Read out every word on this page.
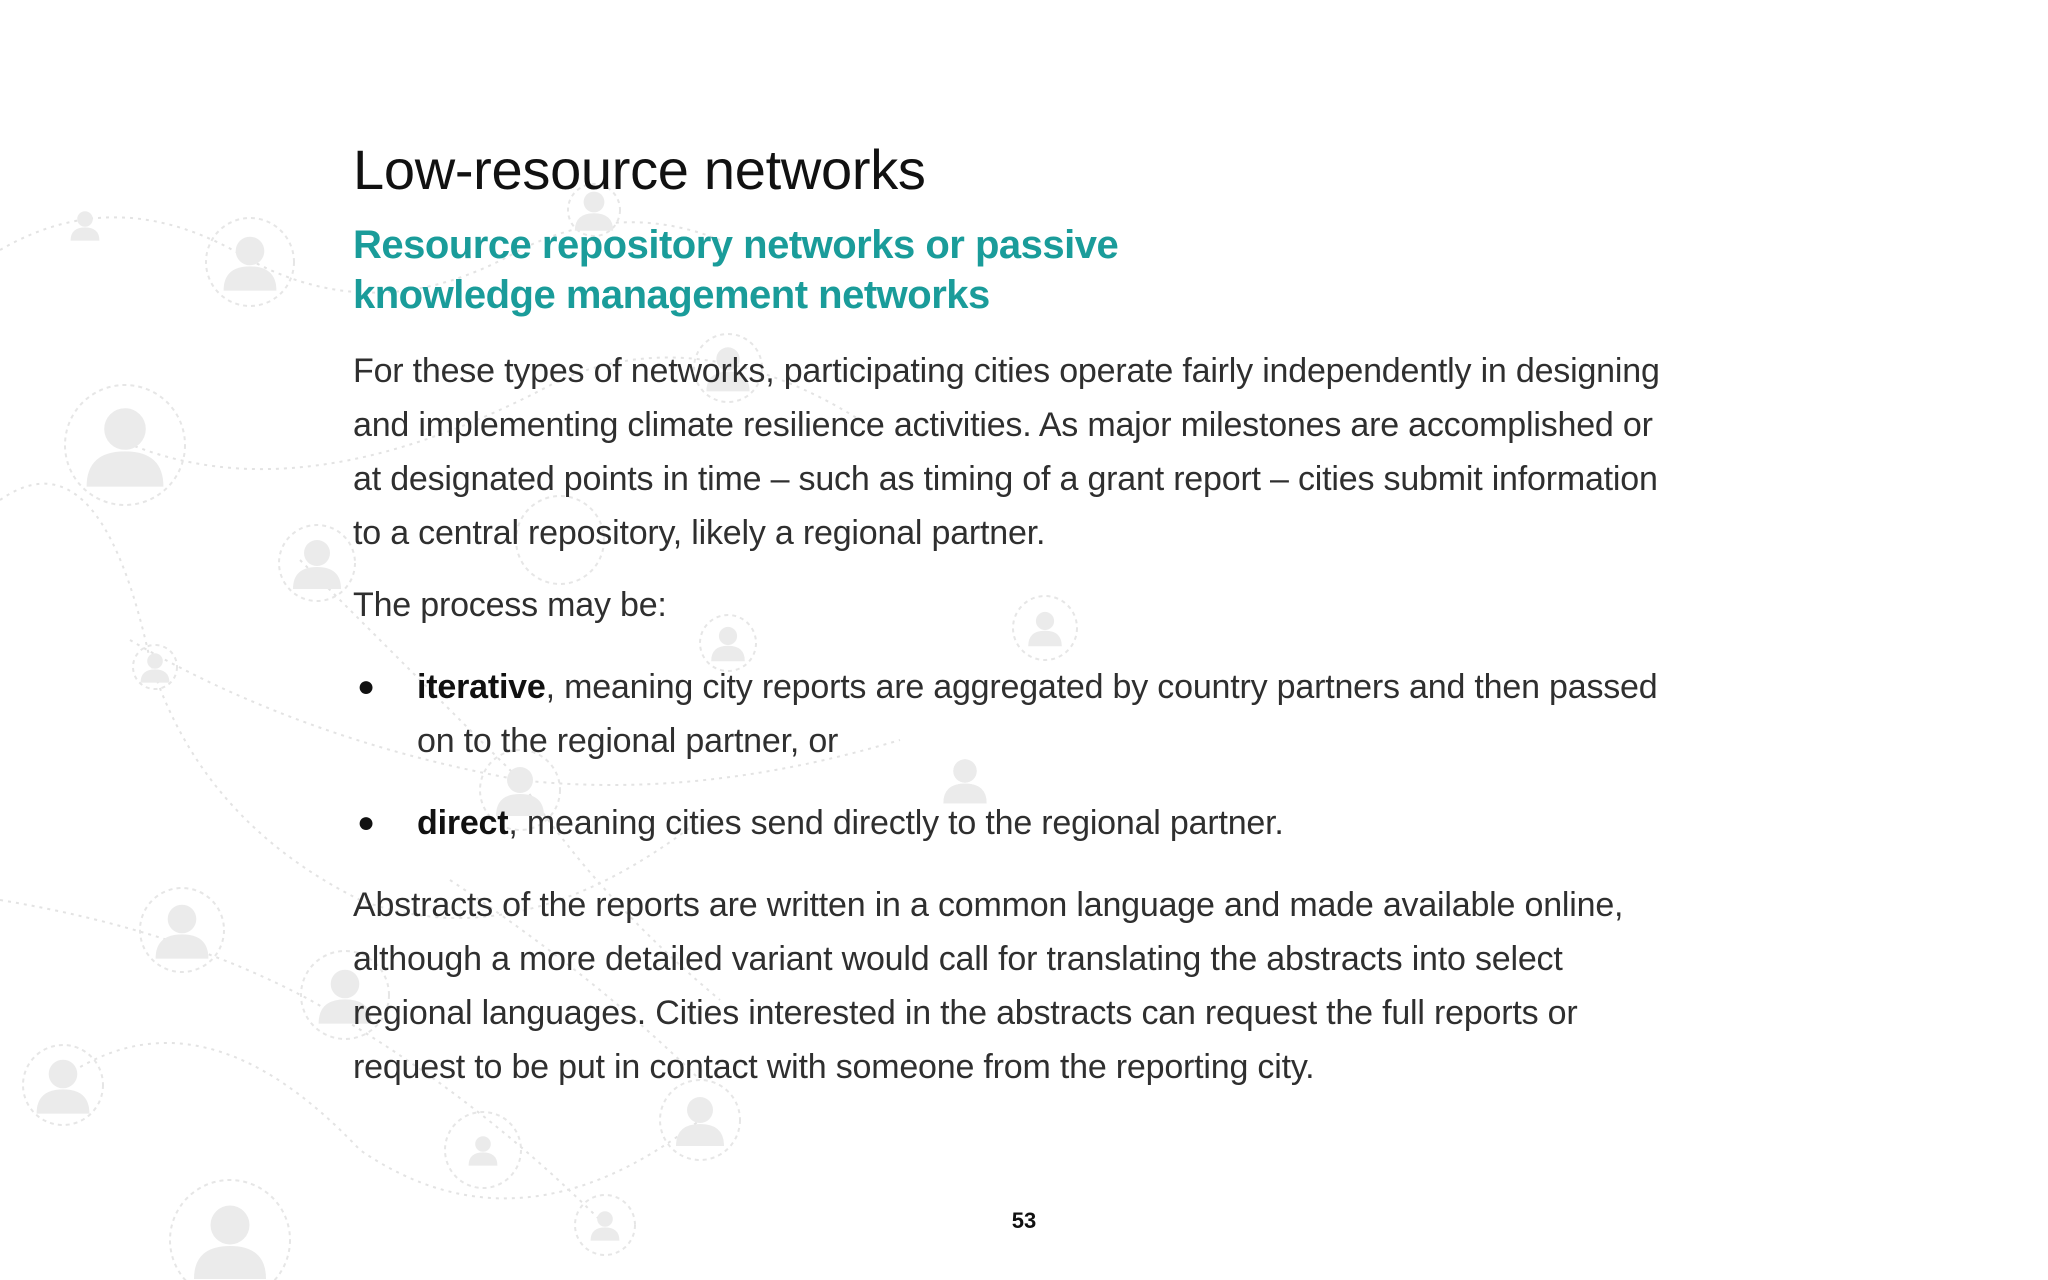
Low-resource networks
Resource repository networks or passive knowledge management networks

For these types of networks, participating cities operate fairly independently in designing and implementing climate resilience activities. As major milestones are accomplished or at designated points in time – such as timing of a grant report – cities submit information to a central repository, likely a regional partner.

The process may be:

● iterative, meaning city reports are aggregated by country partners and then passed on to the regional partner, or
● direct, meaning cities send directly to the regional partner.

Abstracts of the reports are written in a common language and made available online, although a more detailed variant would call for translating the abstracts into select regional languages. Cities interested in the abstracts can request the full reports or request to be put in contact with someone from the reporting city.

53
